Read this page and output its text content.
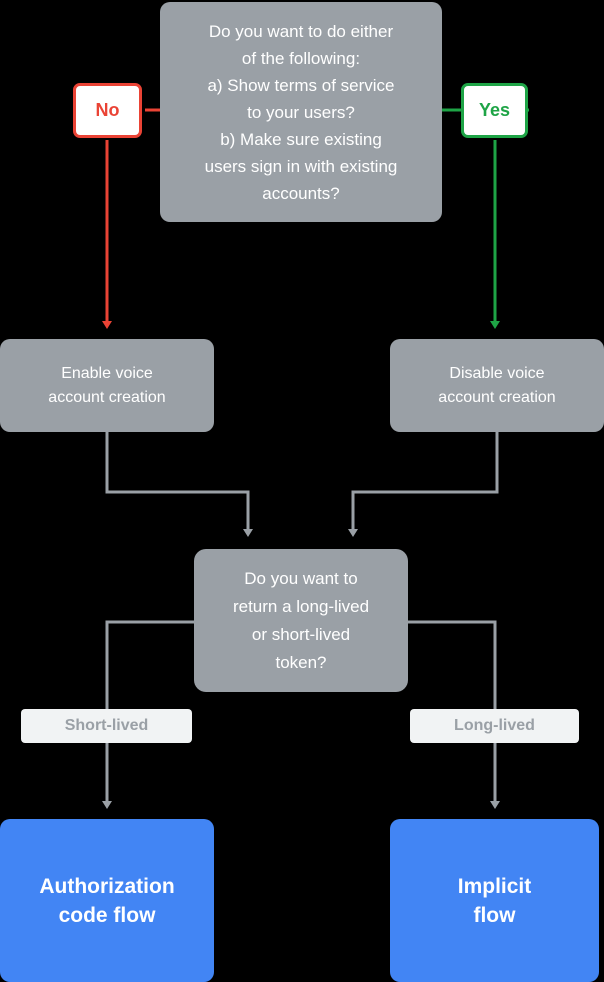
Do you want to do either
of the following:
a) Show terms of service
to your users?
b) Make sure existing
users sign in with existing
accounts?
No	Yes
Enable voice
account creation
Disable voice
account creation
Do you want to
return a long-lived
or short-lived
token?
Short-lived	Long-lived
Authorization
code flow
Implicit
flow
